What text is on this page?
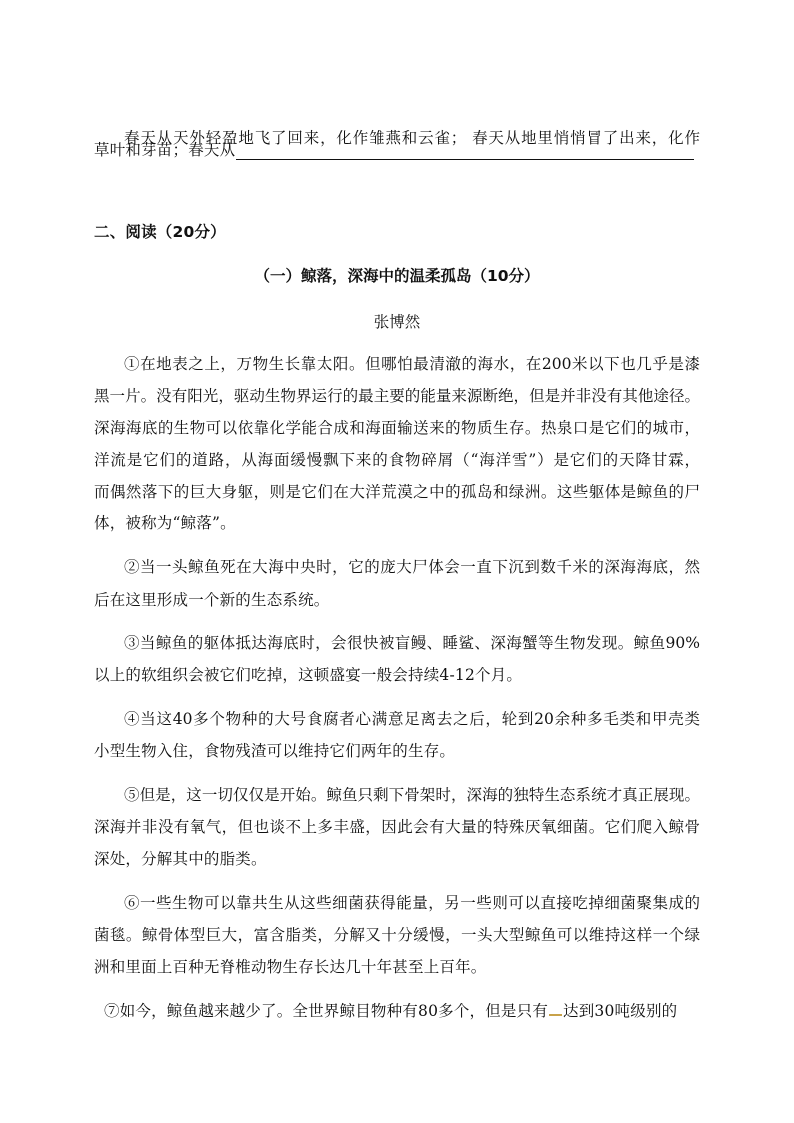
春天从天外轻盈地飞了回来，化作雏燕和云雀； 春天从地里悄悄冒了出来，化作
草叶和芽苗；春天从
二、阅读（20分）
（一）鲸落，深海中的温柔孤岛（10分）
张博然
①在地表之上，万物生长靠太阳。但哪怕最清澈的海水，在200米以下也几乎是漆
黑一片。没有阳光，驱动生物界运行的最主要的能量来源断绝，但是并非没有其他途径。
深海海底的生物可以依靠化学能合成和海面输送来的物质生存。热泉口是它们的城市，
洋流是它们的道路，从海面缓慢飘下来的食物碎屑（“海洋雪”）是它们的天降甘霖，
而偶然落下的巨大身躯，则是它们在大洋荒漠之中的孤岛和绿洲。这些躯体是鲸鱼的尸
体，被称为“鲸落”。
②当一头鲸鱼死在大海中央时，它的庞大尸体会一直下沉到数千米的深海海底，然
后在这里形成一个新的生态系统。
③当鲸鱼的躯体抵达海底时，会很快被盲鳗、睡鲨、深海蟹等生物发现。鲸鱼90%
以上的软组织会被它们吃掉，这顿盛宴一般会持续4-12个月。
④当这40多个物种的大号食腐者心满意足离去之后，轮到20余种多毛类和甲壳类
小型生物入住，食物残渣可以维持它们两年的生存。
⑤但是，这一切仅仅是开始。鲸鱼只剩下骨架时，深海的独特生态系统才真正展现。
深海并非没有氧气，但也谈不上多丰盛，因此会有大量的特殊厌氧细菌。它们爬入鲸骨
深处，分解其中的脂类。
⑥一些生物可以靠共生从这些细菌获得能量，另一些则可以直接吃掉细菌聚集成的
菌毯。鲸骨体型巨大，富含脂类，分解又十分缓慢，一头大型鲸鱼可以维持这样一个绿
洲和里面上百种无脊椎动物生存长达几十年甚至上百年。
⑦如今，鲸鱼越来越少了。全世界鲸目物种有80多个，但是只有 达到30吨级别的
